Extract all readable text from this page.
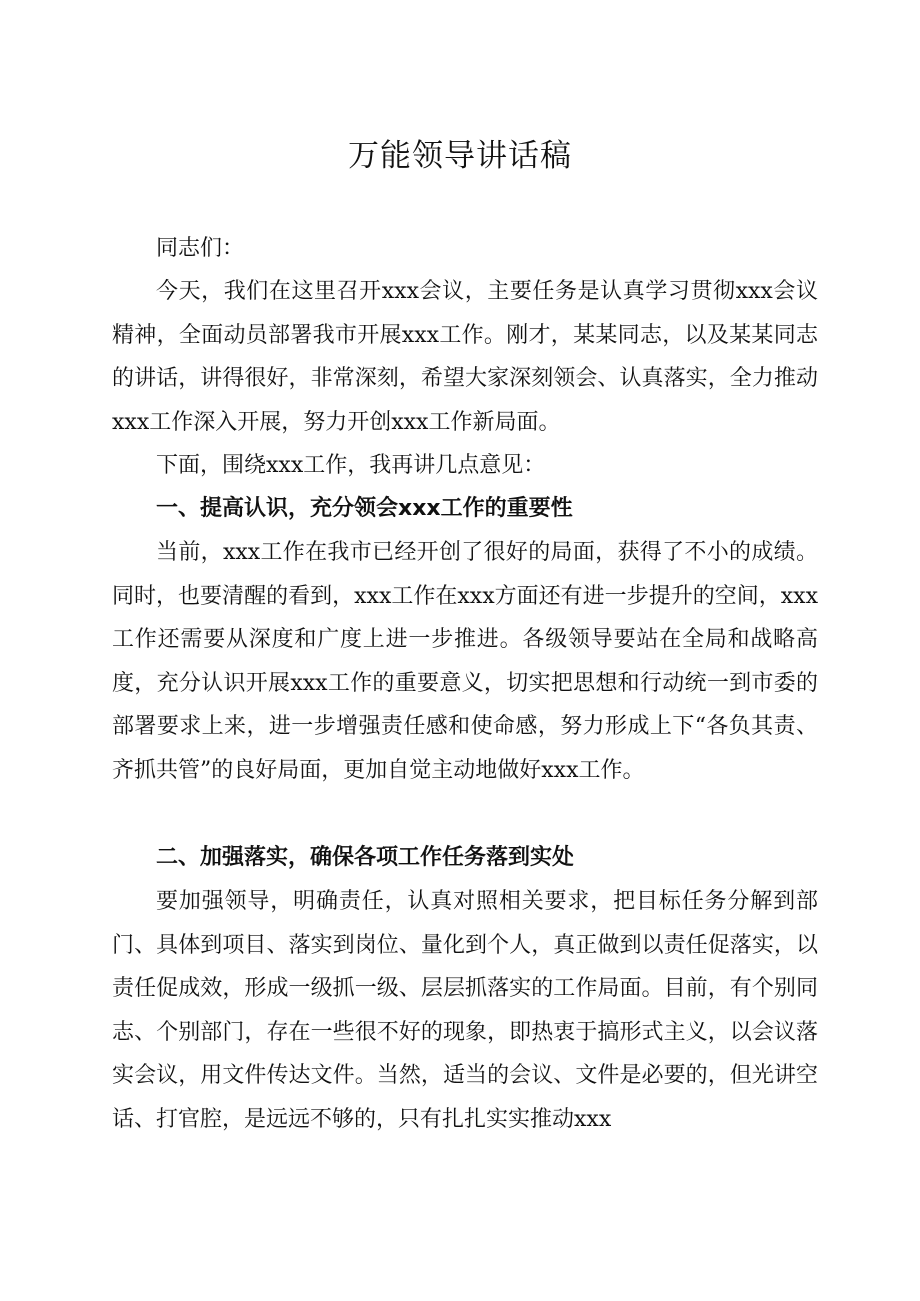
万能领导讲话稿

同志们：

今天，我们在这里召开xxx会议，主要任务是认真学习贯彻xxx会议精神，全面动员部署我市开展xxx工作。刚才，某某同志，以及某某同志的讲话，讲得很好，非常深刻，希望大家深刻领会、认真落实，全力推动xxx工作深入开展，努力开创xxx工作新局面。

下面，围绕xxx工作，我再讲几点意见：

一、提高认识，充分领会xxx工作的重要性

当前，xxx工作在我市已经开创了很好的局面，获得了不小的成绩。同时，也要清醒的看到，xxx工作在xxx方面还有进一步提升的空间，xxx工作还需要从深度和广度上进一步推进。各级领导要站在全局和战略高度，充分认识开展xxx工作的重要意义，切实把思想和行动统一到市委的部署要求上来，进一步增强责任感和使命感，努力形成上下“各负其责、齐抓共管”的良好局面，更加自觉主动地做好xxx工作。

二、加强落实，确保各项工作任务落到实处

要加强领导，明确责任，认真对照相关要求，把目标任务分解到部门、具体到项目、落实到岗位、量化到个人，真正做到以责任促落实，以责任促成效，形成一级抓一级、层层抓落实的工作局面。目前，有个别同志、个别部门，存在一些很不好的现象，即热衷于搞形式主义，以会议落实会议，用文件传达文件。当然，适当的会议、文件是必要的，但光讲空话、打官腔，是远远不够的，只有扎扎实实推动xxx
